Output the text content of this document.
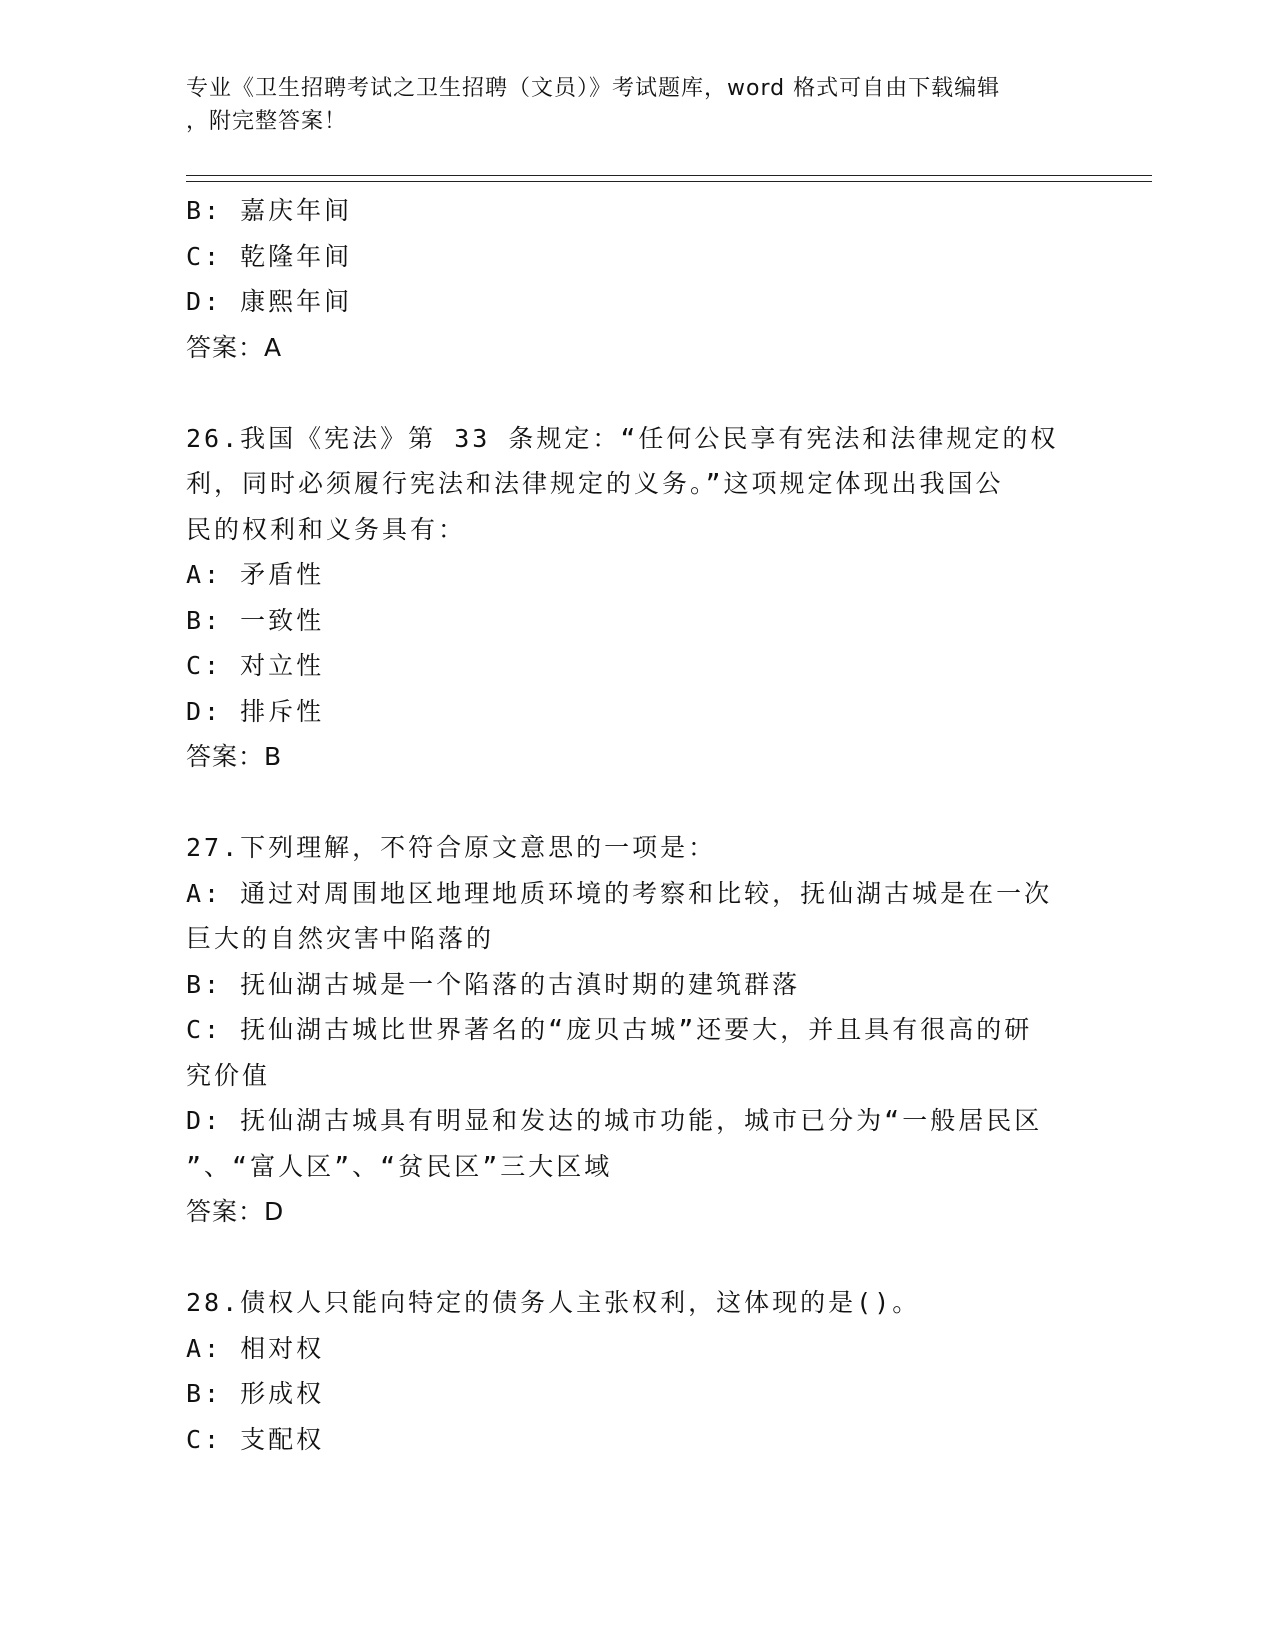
专业《卫生招聘考试之卫生招聘（文员）》考试题库，word 格式可自由下载编辑
，附完整答案！
B: 嘉庆年间
C: 乾隆年间
D: 康熙年间
答案：A
26.我国《宪法》第 33 条规定：“任何公民享有宪法和法律规定的权
利，同时必须履行宪法和法律规定的义务。”这项规定体现出我国公
民的权利和义务具有：
A: 矛盾性
B: 一致性
C: 对立性
D: 排斥性
答案：B
27.下列理解，不符合原文意思的一项是：
A: 通过对周围地区地理地质环境的考察和比较，抚仙湖古城是在一次
巨大的自然灾害中陷落的
B: 抚仙湖古城是一个陷落的古滇时期的建筑群落
C: 抚仙湖古城比世界著名的“庞贝古城”还要大，并且具有很高的研
究价值
D: 抚仙湖古城具有明显和发达的城市功能，城市已分为“一般居民区
”、“富人区”、“贫民区”三大区域
答案：D
28.债权人只能向特定的债务人主张权利，这体现的是()。
A: 相对权
B: 形成权
C: 支配权
